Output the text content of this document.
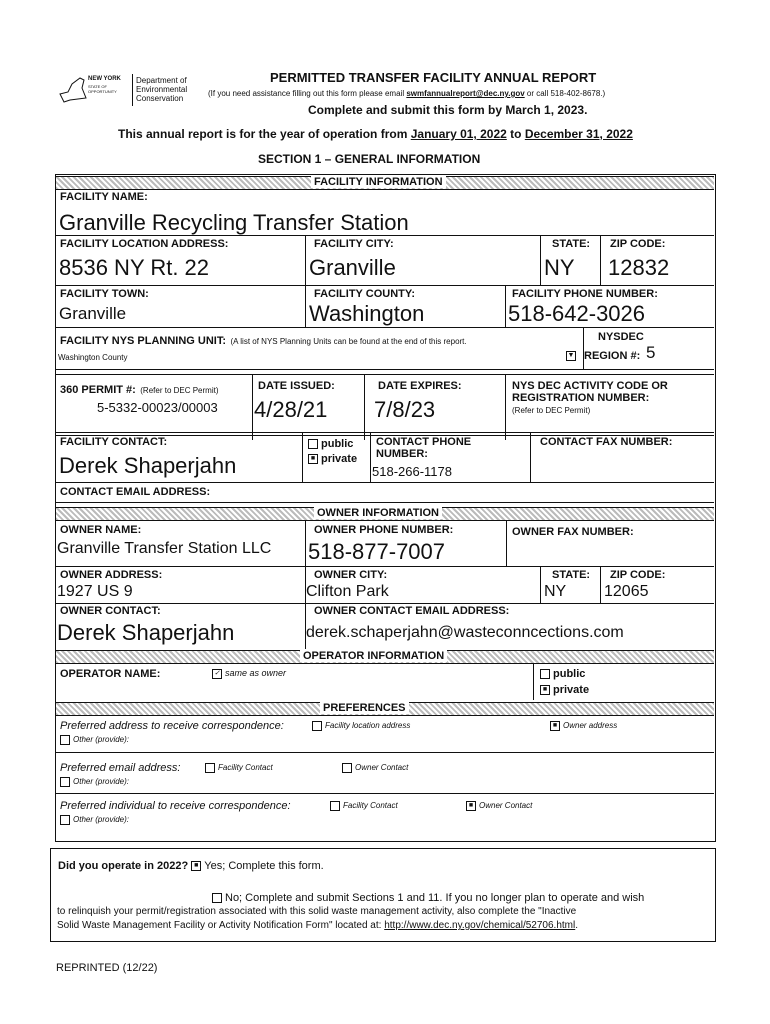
NEW YORK
STATE OF OPPORTUNITY
Department of
Environmental
Conservation
PERMITTED TRANSFER FACILITY ANNUAL REPORT
(If you need assistance filling out this form please email swmfannualreport@dec.ny.gov or call 518-402-8678.)
Complete and submit this form by March 1, 2023.
This annual report is for the year of operation from January 01, 2022 to December 31, 2022
SECTION 1 – GENERAL INFORMATION
FACILITY INFORMATION
FACILITY NAME:
Granville Recycling Transfer Station
FACILITY LOCATION ADDRESS:
8536 NY Rt. 22
FACILITY CITY:
Granville
STATE:
NY
ZIP CODE:
12832
FACILITY TOWN:
Granville
FACILITY COUNTY:
Washington
FACILITY PHONE NUMBER:
518-642-3026
FACILITY NYS PLANNING UNIT: (A list of NYS Planning Units can be found at the end of this report.
Washington County
NYSDEC
▼ REGION #: 5
360 PERMIT #: (Refer to DEC Permit)
5-5332-00023/00003
DATE ISSUED:
4/28/21
DATE EXPIRES:
7/8/23
NYS DEC ACTIVITY CODE OR REGISTRATION NUMBER:
(Refer to DEC Permit)
FACILITY CONTACT:
Derek Shaperjahn
public
■ private
CONTACT PHONE NUMBER:
518-266-1178
CONTACT FAX NUMBER:
CONTACT EMAIL ADDRESS:
OWNER INFORMATION
OWNER NAME:
Granville Transfer Station LLC
OWNER PHONE NUMBER:
518-877-7007
OWNER FAX NUMBER:
OWNER ADDRESS:
1927 US 9
OWNER CITY:
Clifton Park
STATE:
NY
ZIP CODE:
12065
OWNER CONTACT:
Derek Shaperjahn
OWNER CONTACT EMAIL ADDRESS:
derek.schaperjahn@wasteconncections.com
OPERATOR INFORMATION
OPERATOR NAME:	✓ same as owner	public
■ private
PREFERENCES
Preferred address to receive correspondence:	Facility location address	■ Owner address
Other (provide):
Preferred email address:	Facility Contact	Owner Contact
Other (provide):
Preferred individual to receive correspondence:	Facility Contact	■ Owner Contact
Other (provide):
Did you operate in 2022? ■ Yes; Complete this form.
No; Complete and submit Sections 1 and 11. If you no longer plan to operate and wish
to relinquish your permit/registration associated with this solid waste management activity, also complete the "Inactive
Solid Waste Management Facility or Activity Notification Form" located at: http://www.dec.ny.gov/chemical/52706.html.
REPRINTED (12/22)
